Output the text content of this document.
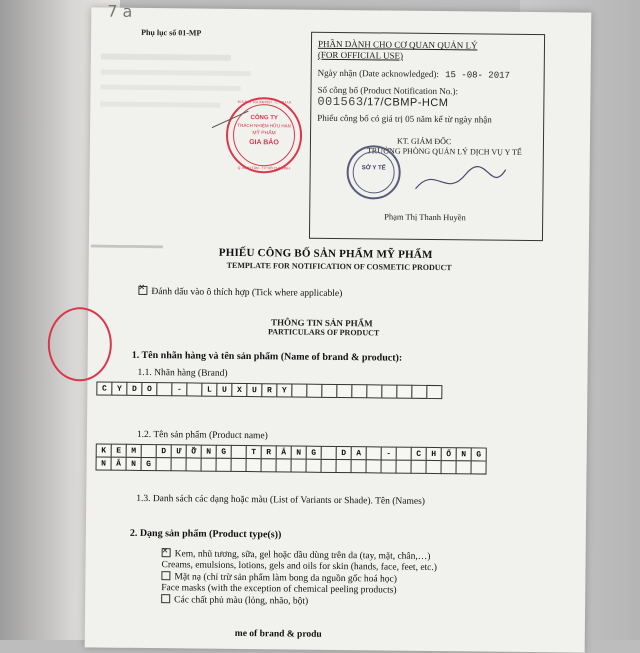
7 a
Phụ lục số 01-MP
CÔNG TY
TRÁCH NHIỆM HỮU HẠN
MỸ PHẨM
GIA BẢO
M.S.D.N: 0313097657 - C.T.N.H.H
Q. BÌNH TÂN - T.P HỒ CHÍ MINH
PHẦN DÀNH CHO CƠ QUAN QUẢN LÝ
(FOR OFFICIAL USE)
Ngày nhận (Date acknowledged): 15 -08- 2017
Số công bố (Product Notification No.):
001563/17/CBMP-HCM
Phiếu công bố có giá trị 05 năm kể từ ngày nhận
KT. GIÁM ĐỐC
TRƯỞNG PHÒNG QUẢN LÝ DỊCH VỤ Y TẾ
SỞ Y TẾ
Phạm Thị Thanh Huyền
PHIẾU CÔNG BỐ SẢN PHẨM MỸ PHẨM
TEMPLATE FOR NOTIFICATION OF COSMETIC PRODUCT
▬▬▬▬▬▬▬▬
✕Đánh dấu vào ô thích hợp (Tick where applicable)
THÔNG TIN SẢN PHẨM
PARTICULARS OF PRODUCT
1. Tên nhãn hàng và tên sản phẩm (Name of brand & product):
1.1. Nhãn hàng (Brand)
C	Y	D	O	-	L	U	X	U	R	Y
1.2. Tên sản phẩm (Product name)
K	E	M	D	Ư	Ỡ	N	G	T	R	Ắ	N	G	D	A	-	C	H	Ố	N	G
N	Ắ	N	G
1.3. Danh sách các dạng hoặc màu (List of Variants or Shade). Tên (Names)
2. Dạng sản phẩm (Product type(s))
✕Kem, nhũ tương, sữa, gel hoặc dầu dùng trên da (tay, mặt, chân,…)
Creams, emulsions, lotions, gels and oils for skin (hands, face, feet, etc.)
Mặt nạ (chỉ trừ sản phẩm làm bong da nguồn gốc hoá học)
Face masks (with the exception of chemical peeling products)
Các chất phủ màu (lỏng, nhão, bột)
me of brand & produ
